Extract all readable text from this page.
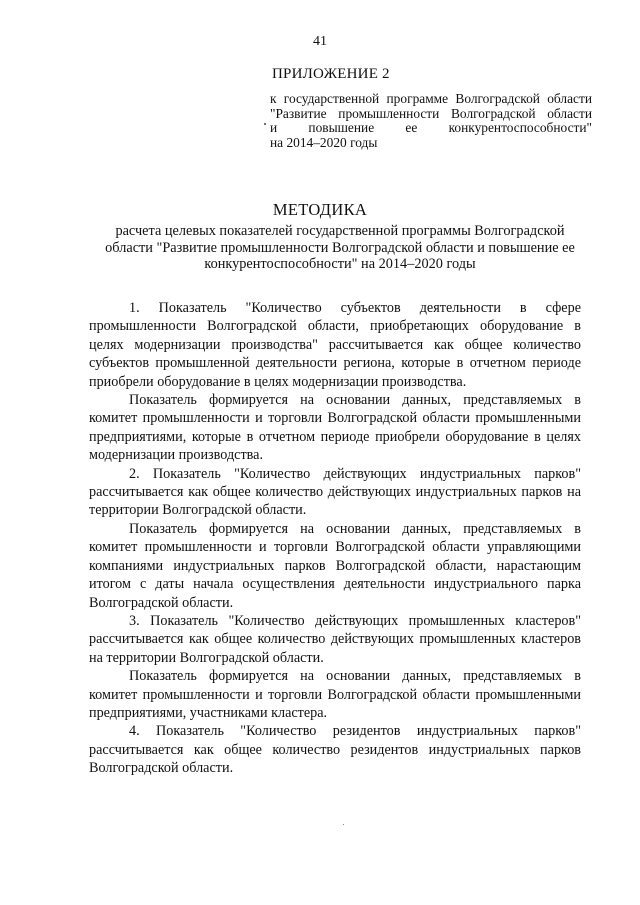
41
ПРИЛОЖЕНИЕ 2
к государственной программе Волгоградской области
"Развитие промышленности Волгоградской области
и повышение ее конкурентоспособности"
на 2014–2020 годы
МЕТОДИКА
расчета целевых показателей государственной программы Волгоградской области "Развитие промышленности Волгоградской области и повышение ее конкурентоспособности" на 2014–2020 годы

1. Показатель "Количество субъектов деятельности в сфере промышленности Волгоградской области, приобретающих оборудование в целях модернизации производства" рассчитывается как общее количество субъектов промышленной деятельности региона, которые в отчетном периоде приобрели оборудование в целях модернизации производства.

Показатель формируется на основании данных, представляемых в комитет промышленности и торговли Волгоградской области промышленными предприятиями, которые в отчетном периоде приобрели оборудование в целях модернизации производства.

2. Показатель "Количество действующих индустриальных парков" рассчитывается как общее количество действующих индустриальных парков на территории Волгоградской области.

Показатель формируется на основании данных, представляемых в комитет промышленности и торговли Волгоградской области управляющими компаниями индустриальных парков Волгоградской области, нарастающим итогом с даты начала осуществления деятельности индустриального парка Волгоградской области.

3. Показатель "Количество действующих промышленных кластеров" рассчитывается как общее количество действующих промышленных кластеров на территории Волгоградской области.

Показатель формируется на основании данных, представляемых в комитет промышленности и торговли Волгоградской области промышленными предприятиями, участниками кластера.

4. Показатель "Количество резидентов индустриальных парков" рассчитывается как общее количество резидентов индустриальных парков Волгоградской области.
